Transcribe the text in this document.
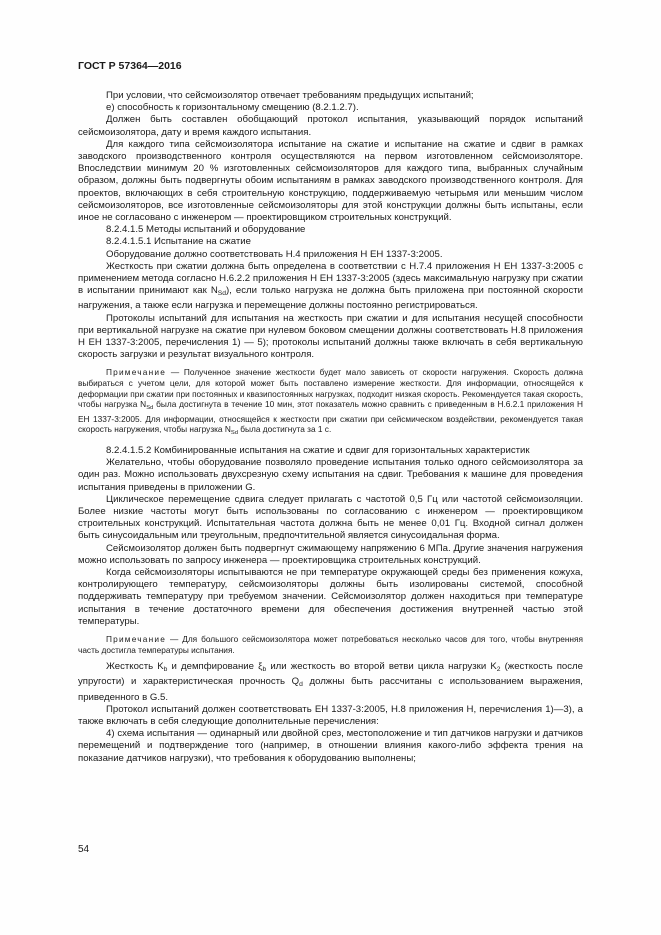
ГОСТ Р 57364—2016

При условии, что сейсмоизолятор отвечает требованиям предыдущих испытаний;

е) способность к горизонтальному смещению (8.2.1.2.7).

Должен быть составлен обобщающий протокол испытания, указывающий порядок испытаний сейсмоизолятора, дату и время каждого испытания.

Для каждого типа сейсмоизолятора испытание на сжатие и испытание на сжатие и сдвиг в рамках заводского производственного контроля осуществляются на первом изготовленном сейсмоизоляторе. Впоследствии минимум 20 % изготовленных сейсмоизоляторов для каждого типа, выбранных случайным образом, должны быть подвергнуты обоим испытаниям в рамках заводского производственного контроля. Для проектов, включающих в себя строительную конструкцию, поддерживаемую четырьмя или меньшим числом сейсмоизоляторов, все изготовленные сейсмоизоляторы для этой конструкции должны быть испытаны, если иное не согласовано с инженером — проектировщиком строительных конструкций.

8.2.4.1.5 Методы испытаний и оборудование

8.2.4.1.5.1 Испытание на сжатие

Оборудование должно соответствовать Н.4 приложения Н ЕН 1337-3:2005.

Жесткость при сжатии должна быть определена в соответствии с Н.7.4 приложения Н ЕН 1337-3:2005 с применением метода согласно Н.6.2.2 приложения Н ЕН 1337-3:2005 (здесь максимальную нагрузку при сжатии в испытании принимают как $N_{Sd}$), если только нагрузка не должна быть приложена при постоянной скорости нагружения, а также если нагрузка и перемещение должны постоянно регистрироваться.

Протоколы испытаний для испытания на жесткость при сжатии и для испытания несущей способности при вертикальной нагрузке на сжатие при нулевом боковом смещении должны соответствовать Н.8 приложения Н ЕН 1337-3:2005, перечисления 1) — 5); протоколы испытаний должны также включать в себя вертикальную скорость загрузки и результат визуального контроля.

Примечание — Полученное значение жесткости будет мало зависеть от скорости нагружения. Скорость должна выбираться с учетом цели, для которой может быть поставлено измерение жесткости. Для информации, относящейся к деформации при сжатии при постоянных и квазипостоянных нагрузках, подходит низкая скорость. Рекомендуется такая скорость, чтобы нагрузка $N_{Sd}$ была достигнута в течение 10 мин, этот показатель можно сравнить с приведенным в Н.6.2.1 приложения Н ЕН 1337-3:2005. Для информации, относящейся к жесткости при сжатии при сейсмическом воздействии, рекомендуется такая скорость нагружения, чтобы нагрузка $N_{Sd}$ была достигнута за 1 с.

8.2.4.1.5.2 Комбинированные испытания на сжатие и сдвиг для горизонтальных характеристик

Желательно, чтобы оборудование позволяло проведение испытания только одного сейсмоизолятора за один раз. Можно использовать двухсрезную схему испытания на сдвиг. Требования к машине для проведения испытания приведены в приложении G.

Циклическое перемещение сдвига следует прилагать с частотой 0,5 Гц или частотой сейсмоизоляции. Более низкие частоты могут быть использованы по согласованию с инженером — проектировщиком строительных конструкций. Испытательная частота должна быть не менее 0,01 Гц. Входной сигнал должен быть синусоидальным или треугольным, предпочтительной является синусоидальная форма.

Сейсмоизолятор должен быть подвергнут сжимающему напряжению 6 МПа. Другие значения нагружения можно использовать по запросу инженера — проектировщика строительных конструкций.

Когда сейсмоизоляторы испытываются не при температуре окружающей среды без применения кожуха, контролирующего температуру, сейсмоизоляторы должны быть изолированы системой, способной поддерживать температуру при требуемом значении. Сейсмоизолятор должен находиться при температуре испытания в течение достаточного времени для обеспечения достижения внутренней частью этой температуры.

Примечание — Для большого сейсмоизолятора может потребоваться несколько часов для того, чтобы внутренняя часть достигла температуры испытания.

Жесткость $K_b$ и демпфирование $\xi_b$ или жесткость во второй ветви цикла нагрузки $K_2$ (жесткость после упругости) и характеристическая прочность $Q_d$ должны быть рассчитаны с использованием выражения, приведенного в G.5.

Протокол испытаний должен соответствовать ЕН 1337-3:2005, Н.8 приложения Н, перечисления 1)—3), а также включать в себя следующие дополнительные перечисления:

4) схема испытания — одинарный или двойной срез, местоположение и тип датчиков нагрузки и датчиков перемещений и подтверждение того (например, в отношении влияния какого-либо эффекта трения на показание датчиков нагрузки), что требования к оборудованию выполнены;

54
